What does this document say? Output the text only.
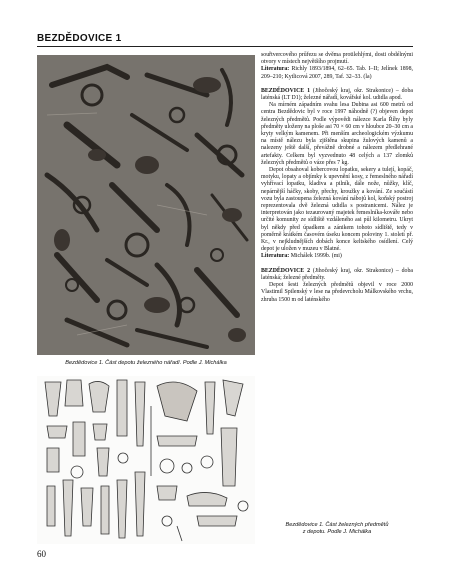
BEZDĚDOVICE 1
Bezdědovice 1. Část depotu železného nářadí. Podle J. Michálka
60

souřtvercového průřezu se dvěma protilehlými, dosti obdélnými otvory v místech největšího projmutí.

Literatura: Richly 1893/1894, 62–65. Tab. I–II; Jelínek 1898, 209–210; Kytlicová 2007, 289, Taf. 32–33. (la)

BEZDĚDOVICE 1 (Jihočeský kraj, okr. Strakonice) – doba laténská (LT D1); železné nářadí, kovářské kol. udidla apod.

Na mírném západním svahu lesa Dubina asi 600 metrů od centra Bezdědovic byl v roce 1997 náhodně (?) objeven depot železných předmětů. Podle výpovědi nálezce Karla Říhy byly předměty uloženy na ploše asi 70 × 60 cm v hloubce 20–30 cm a kryty velkým kamenem. Při menším archeologickém výzkumu na místě nálezu byla zjištěna skupina žulových kamenů a nalezeny ještě další, převážně drobné a nálezem předlehrané artefakty. Celkem byl vyzvednuto 48 celých a 137 zlomků železných předmětů o váze přes 7 kg.

Depot obsahoval kobercovou lopatku, sekery a tulejí, kopáč, motyku, lopaty a objímky k upevnění kosy, z řemeslného nářadí vyhřívací lopatku, kladiva a pilník, dále nože, nůžky, klíč, nepárnější háčky, skoby, přechy, kroužky a kování. Ze součástí vozu byla zastoupena železná kování nábojů kol, koňský postroj reprezentovala dvě železná udidla s postranicemi. Nález je interpretován jako tezaurovaný majetek řemeslníka-kováře nebo určité komunity ze sídliště vzdáleného asi půl kilometru. Ukryt byl někdy před úpadkem a zánikem tohoto sídliště, tedy v poměrně krátkém časovém úseku koncem poloviny 1. století př. Kr., v nejkludnějších dobách konce keltského osídlení. Celý depot je uložen v muzeu v Blatné.

Literatura: Michálek 1999b. (mi)

BEZDĚDOVICE 2 (Jihočeský kraj, okr. Strakonice) – doba laténská; železné předměty.

Depot šesti železných předmětů objevil v roce 2000 Vlastimil Spilenský v lese na předevrcholu Málkovského vrchu, zhruba 1500 m od laténského

Bezdědovice 1. Část železných předmětů
z depotu. Podle J. Michálka
